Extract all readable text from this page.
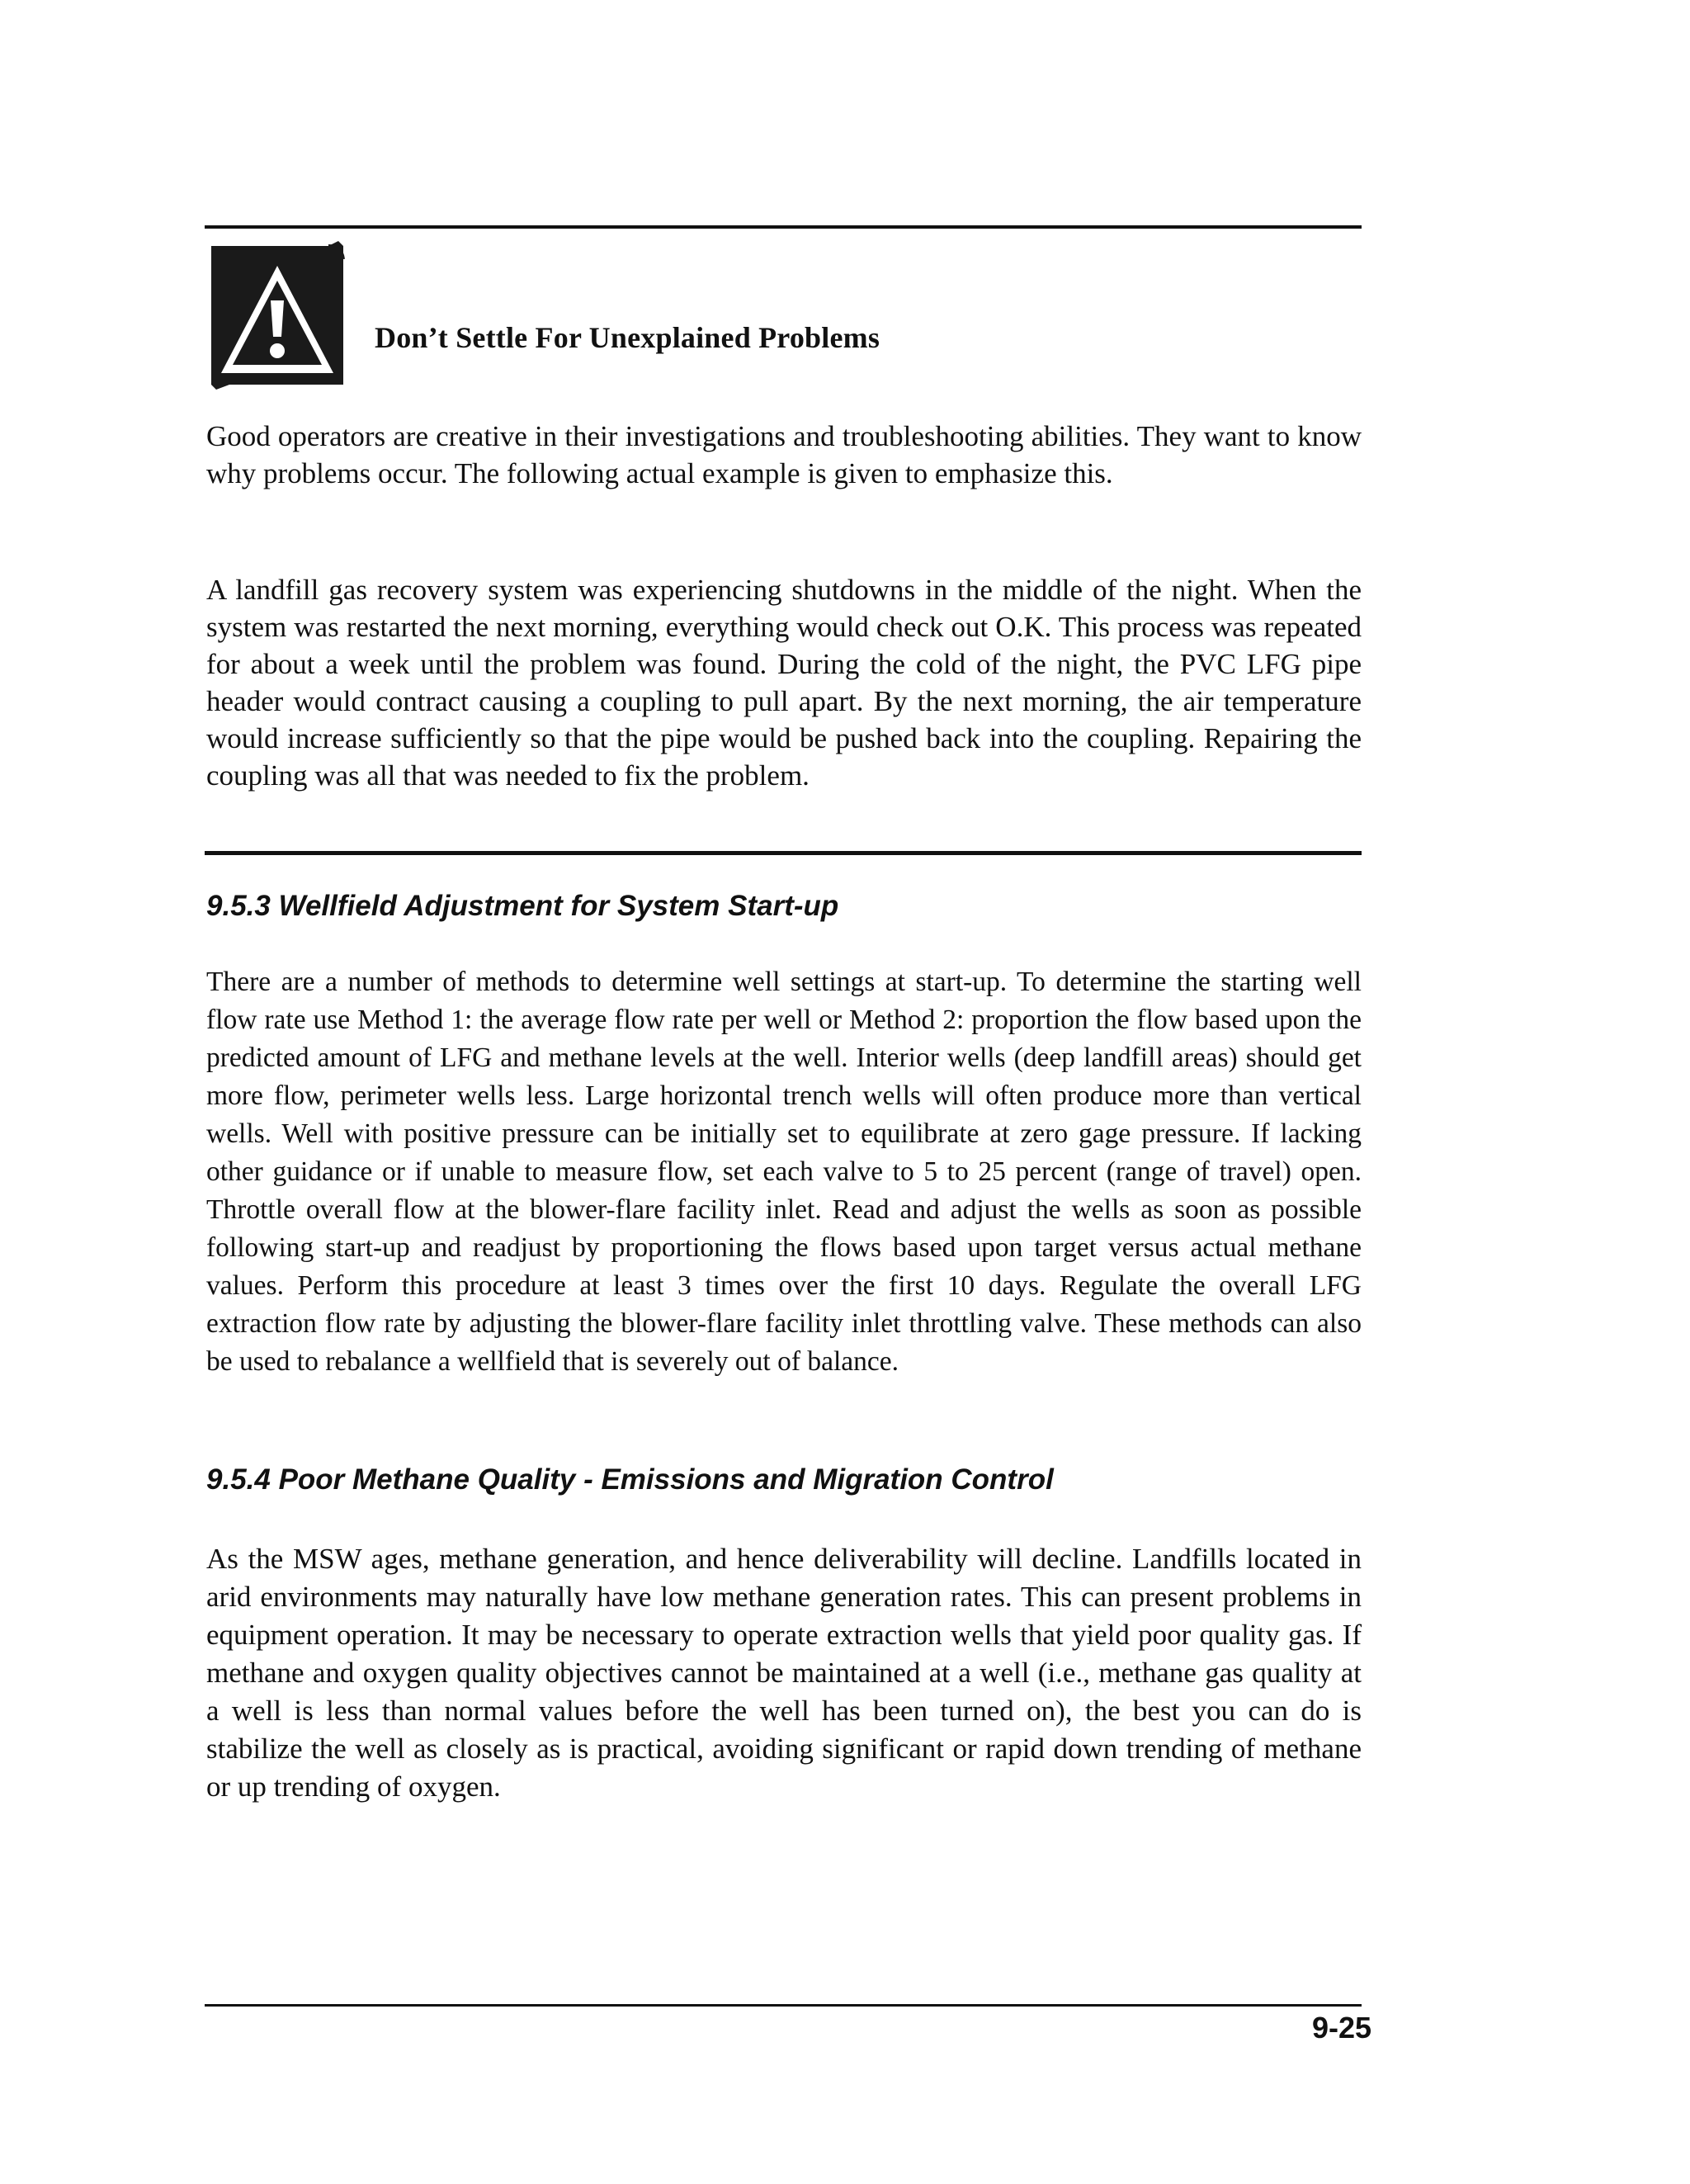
Don’t Settle For Unexplained Problems

Good operators are creative in their investigations and troubleshooting abilities. They want to know why problems occur. The following actual example is given to emphasize this.

A landfill gas recovery system was experiencing shutdowns in the middle of the night. When the system was restarted the next morning, everything would check out O.K. This process was repeated for about a week until the problem was found. During the cold of the night, the PVC LFG pipe header would contract causing a coupling to pull apart. By the next morning, the air temperature would increase sufficiently so that the pipe would be pushed back into the coupling. Repairing the coupling was all that was needed to fix the problem.

9.5.3 Wellfield Adjustment for System Start-up

There are a number of methods to determine well settings at start-up. To determine the starting well flow rate use Method 1: the average flow rate per well or Method 2: proportion the flow based upon the predicted amount of LFG and methane levels at the well. Interior wells (deep landfill areas) should get more flow, perimeter wells less. Large horizontal trench wells will often produce more than vertical wells. Well with positive pressure can be initially set to equilibrate at zero gage pressure. If lacking other guidance or if unable to measure flow, set each valve to 5 to 25 percent (range of travel) open. Throttle overall flow at the blower-flare facility inlet. Read and adjust the wells as soon as possible following start-up and readjust by proportioning the flows based upon target versus actual methane values. Perform this procedure at least 3 times over the first 10 days. Regulate the overall LFG extraction flow rate by adjusting the blower-flare facility inlet throttling valve. These methods can also be used to rebalance a wellfield that is severely out of balance.

9.5.4 Poor Methane Quality - Emissions and Migration Control

As the MSW ages, methane generation, and hence deliverability will decline. Landfills located in arid environments may naturally have low methane generation rates. This can present problems in equipment operation. It may be necessary to operate extraction wells that yield poor quality gas. If methane and oxygen quality objectives cannot be maintained at a well (i.e., methane gas quality at a well is less than normal values before the well has been turned on), the best you can do is stabilize the well as closely as is practical, avoiding significant or rapid down trending of methane or up trending of oxygen.

9-25
